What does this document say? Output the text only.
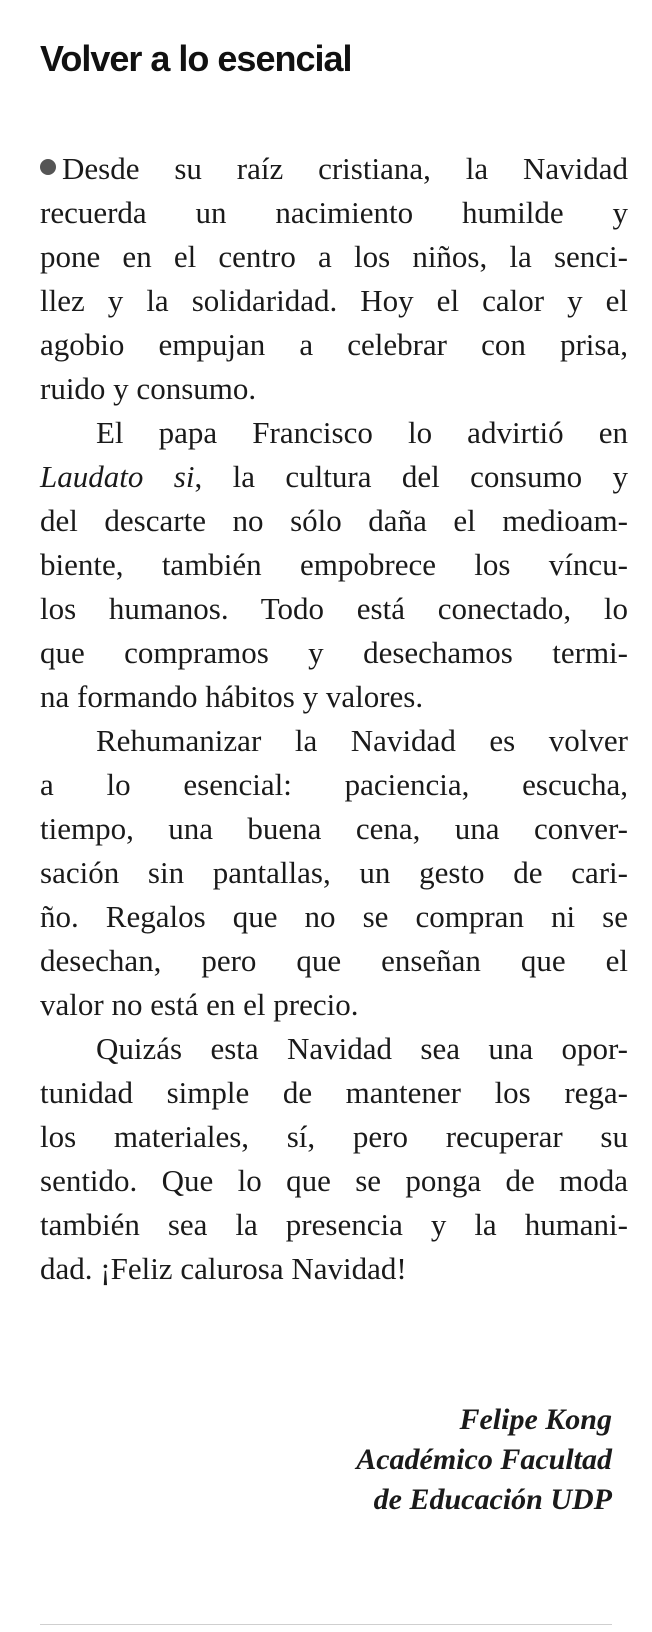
Volver a lo esencial
Desde su raíz cristiana, la Navidad
recuerda un nacimiento humilde y
pone en el centro a los niños, la senci-
llez y la solidaridad. Hoy el calor y el
agobio empujan a celebrar con prisa,
ruido y consumo.
El papa Francisco lo advirtió en
Laudato si, la cultura del consumo y
del descarte no sólo daña el medioam-
biente, también empobrece los víncu-
los humanos. Todo está conectado, lo
que compramos y desechamos termi-
na formando hábitos y valores.
Rehumanizar la Navidad es volver
a lo esencial: paciencia, escucha,
tiempo, una buena cena, una conver-
sación sin pantallas, un gesto de cari-
ño. Regalos que no se compran ni se
desechan, pero que enseñan que el
valor no está en el precio.
Quizás esta Navidad sea una opor-
tunidad simple de mantener los rega-
los materiales, sí, pero recuperar su
sentido. Que lo que se ponga de moda
también sea la presencia y la humani-
dad. ¡Feliz calurosa Navidad!
Felipe Kong
Académico Facultad
de Educación UDP
